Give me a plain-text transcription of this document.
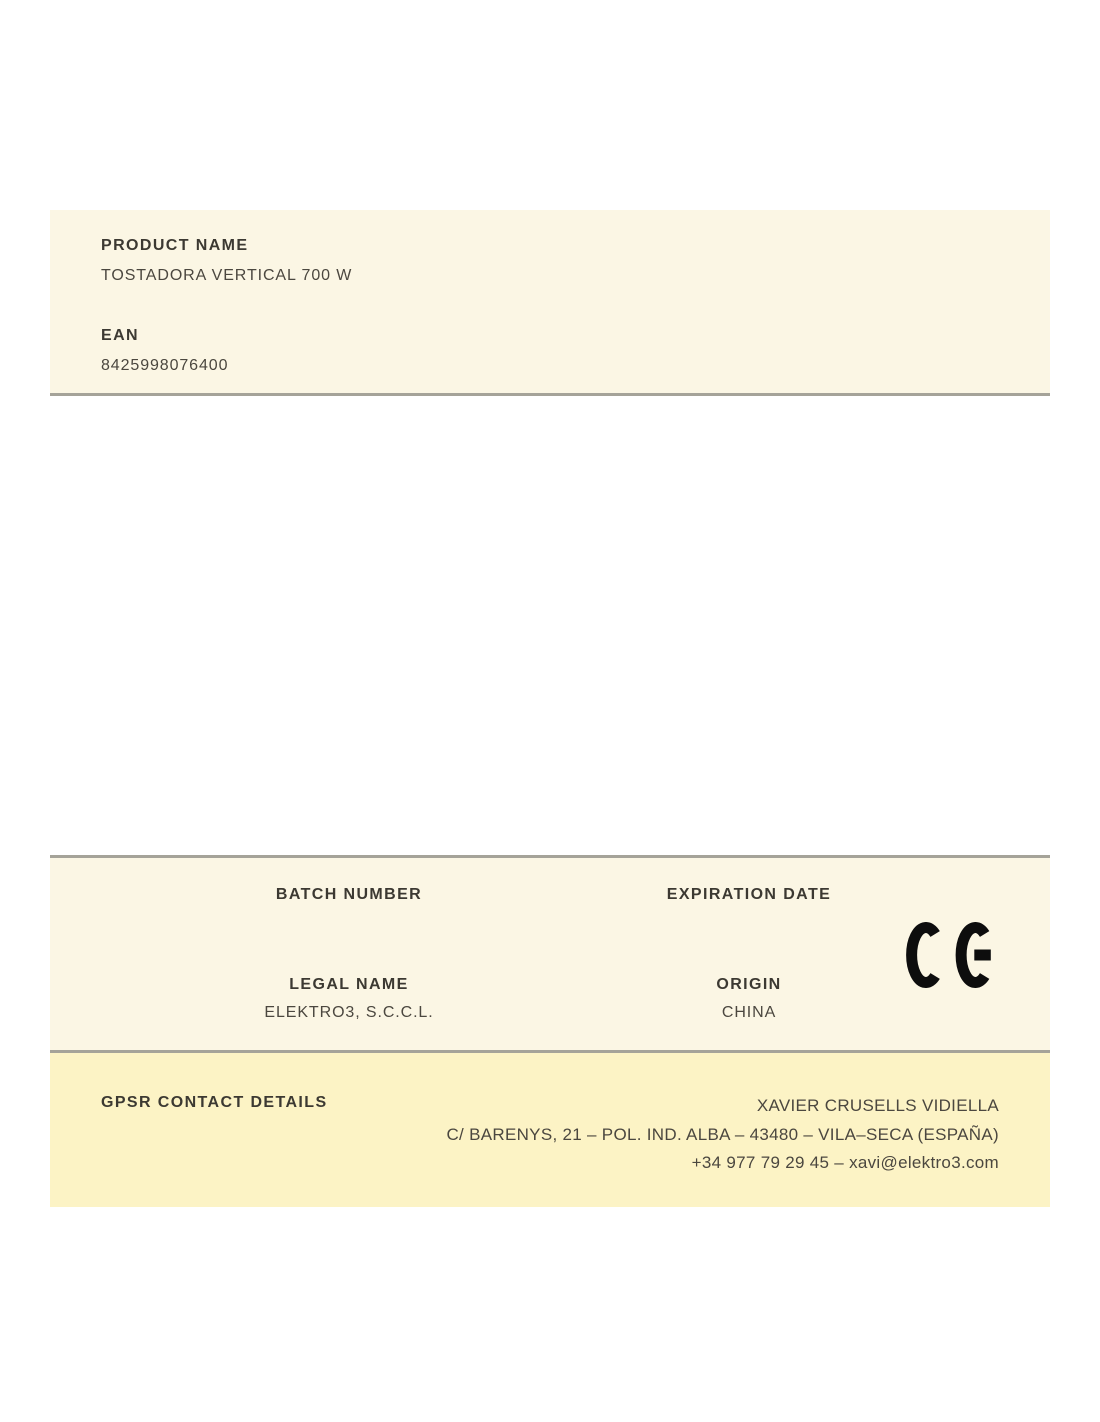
PRODUCT NAME
TOSTADORA VERTICAL 700 W
EAN
8425998076400
BATCH NUMBER	EXPIRATION DATE
LEGAL NAME
ELEKTRO3, S.C.C.L.
ORIGIN
CHINA
GPSR CONTACT DETAILS	XAVIER CRUSELLS VIDIELLA
C/ BARENYS, 21 – POL. IND. ALBA – 43480 – VILA–SECA (ESPAÑA)
+34 977 79 29 45 – xavi@elektro3.com
